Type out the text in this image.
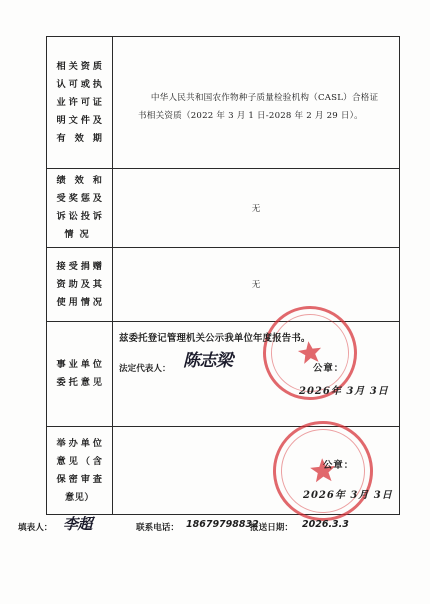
相关资质
认可或执
业许可证
明文件及
有效期
中华人民共和国农作物种子质量检验机构（CASL）合格证书相关资质（2022 年 3 月 1 日-2028 年 2 月 29 日）。
绩效和
受奖惩及
诉讼投诉
情况
无
接受捐赠
资助及其
使用情况
无
事业单位
委托意见
兹委托登记管理机关公示我单位年度报告书。
法定代表人： 陈志梁	公章：
2026年 3月 3日
举办单位
意见（含
保密审查
意见）
公章：
2026年 3月 3日
填表人： 李超	联系电话： 18679798832
报送日期： 2026.3.3
